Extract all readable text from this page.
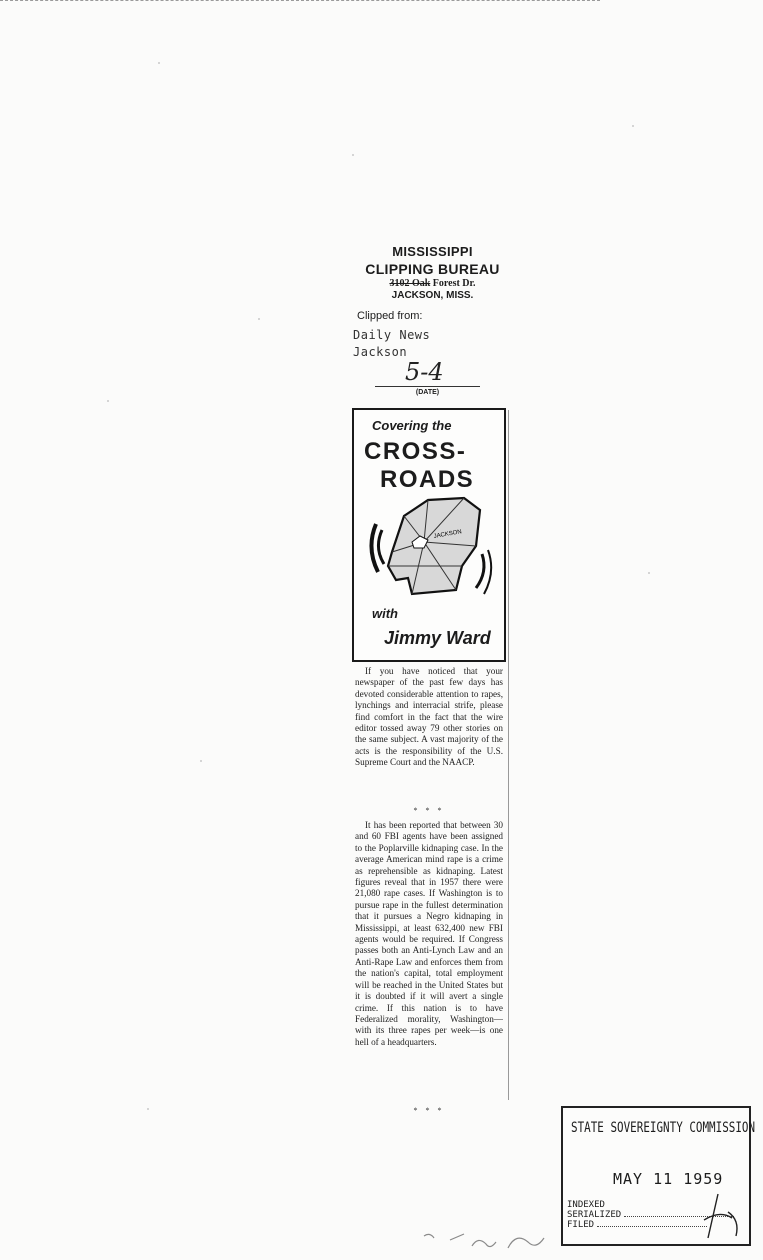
MISSISSIPPI
CLIPPING BUREAU
3102 Oak Forest Dr.
JACKSON, MISS.
Clipped from:
Daily News
Jackson
5-4
(DATE)
Covering the
CROSS-
ROADS
JACKSON
with
Jimmy Ward

If you have noticed that your newspaper of the past few days has devoted considerable attention to rapes, lynchings and interracial strife, please find comfort in the fact that the wire editor tossed away 79 other stories on the same subject. A vast majority of the acts is the responsibility of the U.S. Supreme Court and the NAACP.

* * *

It has been reported that between 30 and 60 FBI agents have been assigned to the Poplarville kidnaping case. In the average American mind rape is a crime as reprehensible as kidnaping. Latest figures reveal that in 1957 there were 21,080 rape cases. If Washington is to pursue rape in the fullest determination that it pursues a Negro kidnaping in Mississippi, at least 632,400 new FBI agents would be required. If Congress passes both an Anti-Lynch Law and an Anti-Rape Law and enforces them from the nation's capital, total employment will be reached in the United States but it is doubted if it will avert a single crime. If this nation is to have Federalized morality, Washington—with its three rapes per week—is one hell of a headquarters.

* * *
STATE SOVEREIGNTY COMMISSION
MAY 11 1959
INDEXED
SERIALIZED
FILED
